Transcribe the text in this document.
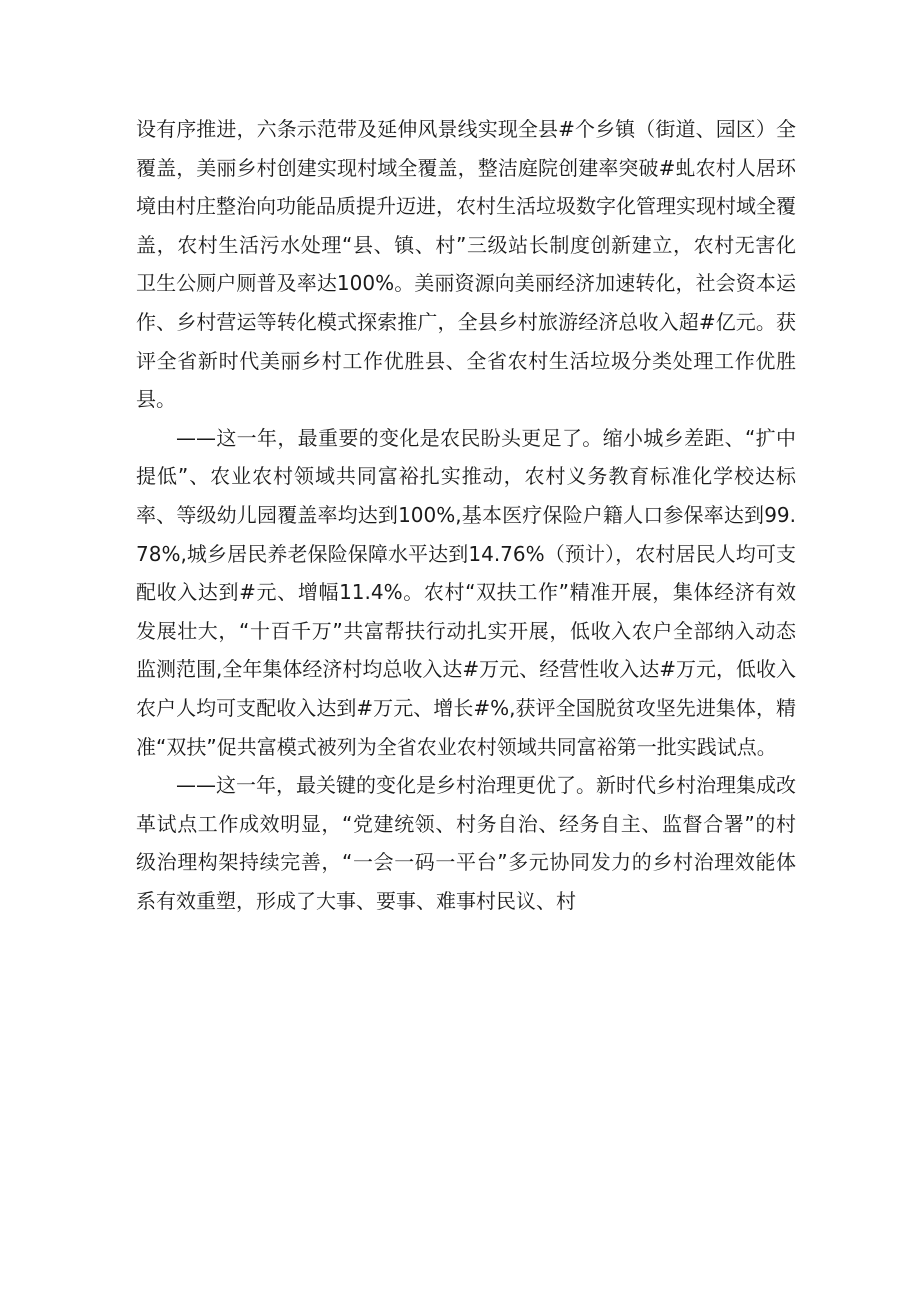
设有序推进，六条示范带及延伸风景线实现全县#个乡镇（街道、园区）全覆盖，美丽乡村创建实现村域全覆盖，整洁庭院创建率突破#虬农村人居环境由村庄整治向功能品质提升迈进，农村生活垃圾数字化管理实现村域全覆盖，农村生活污水处理“县、镇、村”三级站长制度创新建立，农村无害化卫生公厕户厕普及率达100%。美丽资源向美丽经济加速转化，社会资本运作、乡村营运等转化模式探索推广，全县乡村旅游经济总收入超#亿元。获评全省新时代美丽乡村工作优胜县、全省农村生活垃圾分类处理工作优胜县。

——这一年，最重要的变化是农民盼头更足了。缩小城乡差距、“扩中提低”、农业农村领域共同富裕扎实推动，农村义务教育标准化学校达标率、等级幼儿园覆盖率均达到100%,基本医疗保险户籍人口参保率达到99.78%,城乡居民养老保险保障水平达到14.76%（预计），农村居民人均可支配收入达到#元、增幅11.4%。农村“双扶工作”精准开展，集体经济有效发展壮大，“十百千万”共富帮扶行动扎实开展，低收入农户全部纳入动态监测范围,全年集体经济村均总收入达#万元、经营性收入达#万元，低收入农户人均可支配收入达到#万元、增长#%,获评全国脱贫攻坚先进集体，精准“双扶”促共富模式被列为全省农业农村领域共同富裕第一批实践试点。

——这一年，最关键的变化是乡村治理更优了。新时代乡村治理集成改革试点工作成效明显，“党建统领、村务自治、经务自主、监督合署”的村级治理构架持续完善，“一会一码一平台”多元协同发力的乡村治理效能体系有效重塑，形成了大事、要事、难事村民议、村
